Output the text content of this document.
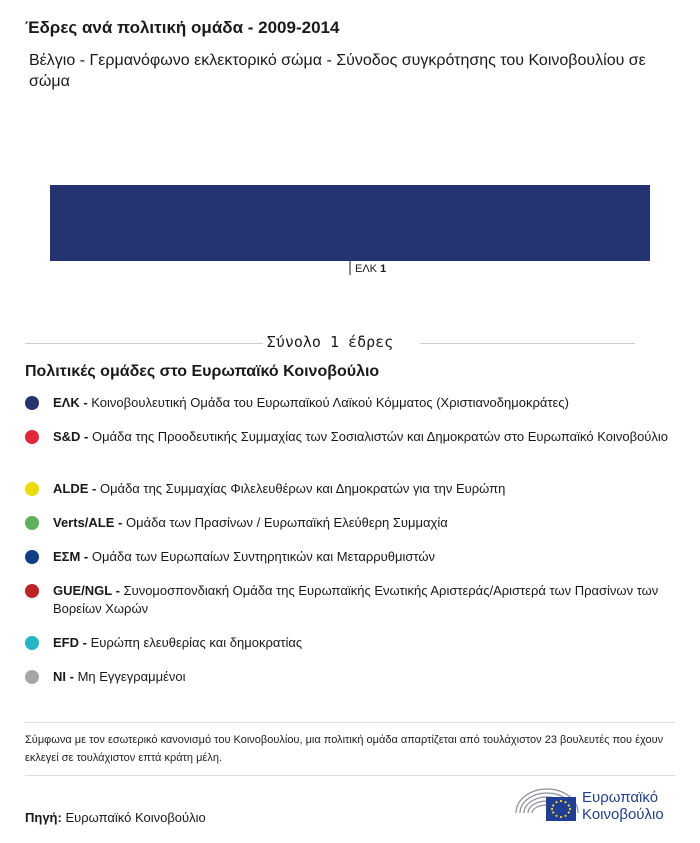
Έδρες ανά πολιτική ομάδα - 2009-2014
Βέλγιο - Γερμανόφωνο εκλεκτορικό σώμα - Σύνοδος συγκρότησης του Κοινοβουλίου σε σώμα
ΕΛΚ 1
Σύνολο 1 έδρες
Πολιτικές ομάδες στο Ευρωπαϊκό Κοινοβούλιο
ΕΛΚ - Κοινοβουλευτική Ομάδα του Ευρωπαϊκού Λαϊκού Κόμματος (Χριστιανοδημοκράτες)
S&D - Ομάδα της Προοδευτικής Συμμαχίας των Σοσιαλιστών και Δημοκρατών στο Ευρωπαϊκό Κοινοβούλιο
ALDE - Ομάδα της Συμμαχίας Φιλελευθέρων και Δημοκρατών για την Ευρώπη
Verts/ALE - Ομάδα των Πρασίνων / Ευρωπαϊκή Ελεύθερη Συμμαχία
ΕΣΜ - Ομάδα των Ευρωπαίων Συντηρητικών και Μεταρρυθμιστών
GUE/NGL - Συνομοσπονδιακή Ομάδα της Ευρωπαϊκής Ενωτικής Αριστεράς/Αριστερά των Πρασίνων των Βορείων Χωρών
EFD - Ευρώπη ελευθερίας και δημοκρατίας
NI - Μη Εγγεγραμμένοι
Σύμφωνα με τον εσωτερικό κανονισμό του Κοινοβουλίου, μια πολιτική ομάδα απαρτίζεται από τουλάχιστον 23 βουλευτές που έχουν εκλεγεί σε τουλάχιστον επτά κράτη μέλη.
Πηγή: Ευρωπαϊκό Κοινοβούλιο
Ευρωπαϊκό
Κοινοβούλιο
